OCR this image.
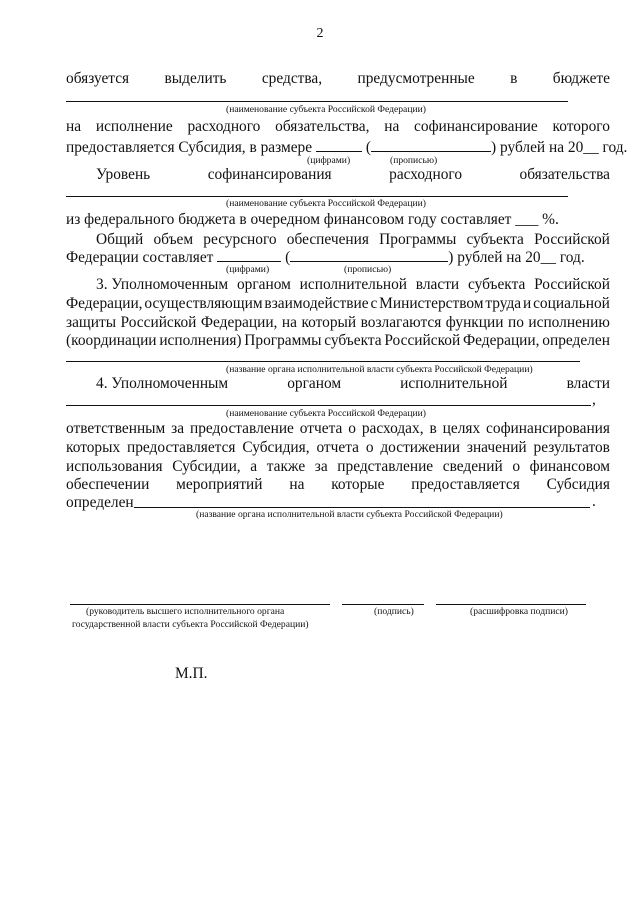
2
обязуется выделить средства, предусмотренные в бюджете
(наименование субъекта Российской Федерации)
на исполнение расходного обязательства, на софинансирование которого
предоставляется Субсидия, в размере	(	) рублей на 20__ год.
(цифрами)	(прописью)
Уровень	софинансирования	расходного	обязательства
(наименование субъекта Российской Федерации)
из федерального бюджета в очередном финансовом году составляет ___ %.
Общий объем ресурсного обеспечения Программы субъекта Российской
Федерации составляет	(	) рублей на 20__ год.
(цифрами)	(прописью)
3. Уполномоченным органом исполнительной власти субъекта Российской
Федерации, осуществляющим взаимодействие с Министерством труда и социальной
защиты Российской Федерации, на который возлагаются функции по исполнению
(координации исполнения) Программы субъекта Российской Федерации, определен
(название органа исполнительной власти субъекта Российской Федерации)
4. Уполномоченным	органом	исполнительной	власти
,
(наименование субъекта Российской Федерации)
ответственным за предоставление отчета о расходах, в целях софинансирования
которых предоставляется Субсидия, отчета о достижении значений результатов
использования Субсидии, а также за представление сведений о финансовом
обеспечении мероприятий на которые предоставляется Субсидия
определен	.
(название органа исполнительной власти субъекта Российской Федерации)
(руководитель высшего исполнительного органа
государственной власти субъекта Российской Федерации)
(подпись)	(расшифровка подписи)
М.П.
